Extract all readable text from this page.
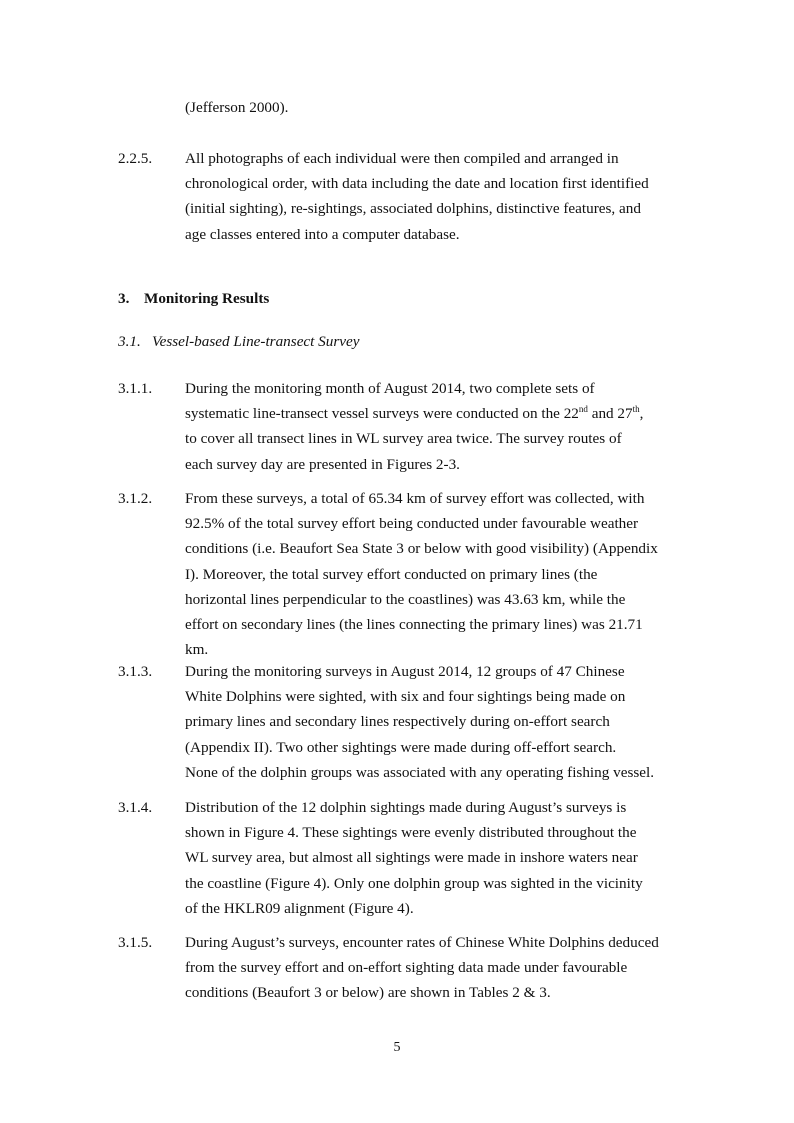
(Jefferson 2000).
2.2.5. All photographs of each individual were then compiled and arranged in
chronological order, with data including the date and location first identified
(initial sighting), re-sightings, associated dolphins, distinctive features, and
age classes entered into a computer database.
3. Monitoring Results
3.1. Vessel-based Line-transect Survey
3.1.1. During the monitoring month of August 2014, two complete sets of
systematic line-transect vessel surveys were conducted on the 22nd and 27th,
to cover all transect lines in WL survey area twice. The survey routes of
each survey day are presented in Figures 2-3.
3.1.2. From these surveys, a total of 65.34 km of survey effort was collected, with
92.5% of the total survey effort being conducted under favourable weather
conditions (i.e. Beaufort Sea State 3 or below with good visibility) (Appendix
I). Moreover, the total survey effort conducted on primary lines (the
horizontal lines perpendicular to the coastlines) was 43.63 km, while the
effort on secondary lines (the lines connecting the primary lines) was 21.71
km.
3.1.3. During the monitoring surveys in August 2014, 12 groups of 47 Chinese
White Dolphins were sighted, with six and four sightings being made on
primary lines and secondary lines respectively during on-effort search
(Appendix II). Two other sightings were made during off-effort search.
None of the dolphin groups was associated with any operating fishing vessel.
3.1.4. Distribution of the 12 dolphin sightings made during August’s surveys is
shown in Figure 4. These sightings were evenly distributed throughout the
WL survey area, but almost all sightings were made in inshore waters near
the coastline (Figure 4). Only one dolphin group was sighted in the vicinity
of the HKLR09 alignment (Figure 4).
3.1.5. During August’s surveys, encounter rates of Chinese White Dolphins deduced
from the survey effort and on-effort sighting data made under favourable
conditions (Beaufort 3 or below) are shown in Tables 2 & 3.
5
